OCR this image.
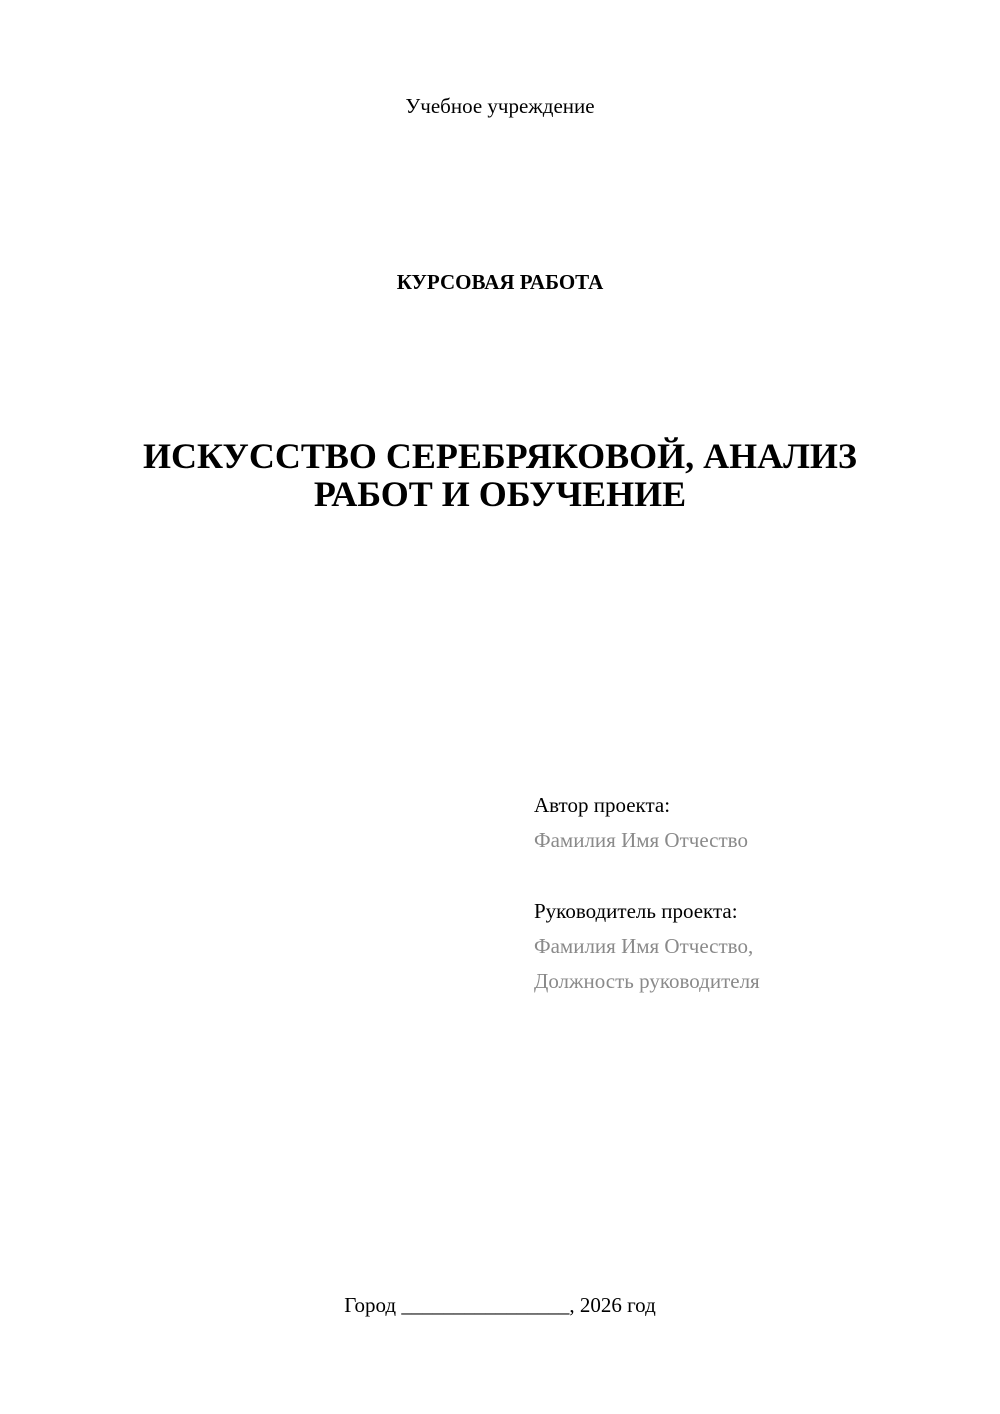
Учебное учреждение
КУРСОВАЯ РАБОТА
ИСКУССТВО СЕРЕБРЯКОВОЙ, АНАЛИЗ
РАБОТ И ОБУЧЕНИЕ
Автор проекта:
Фамилия Имя Отчество
Руководитель проекта:
Фамилия Имя Отчество,
Должность руководителя
Город ________________, 2026 год
